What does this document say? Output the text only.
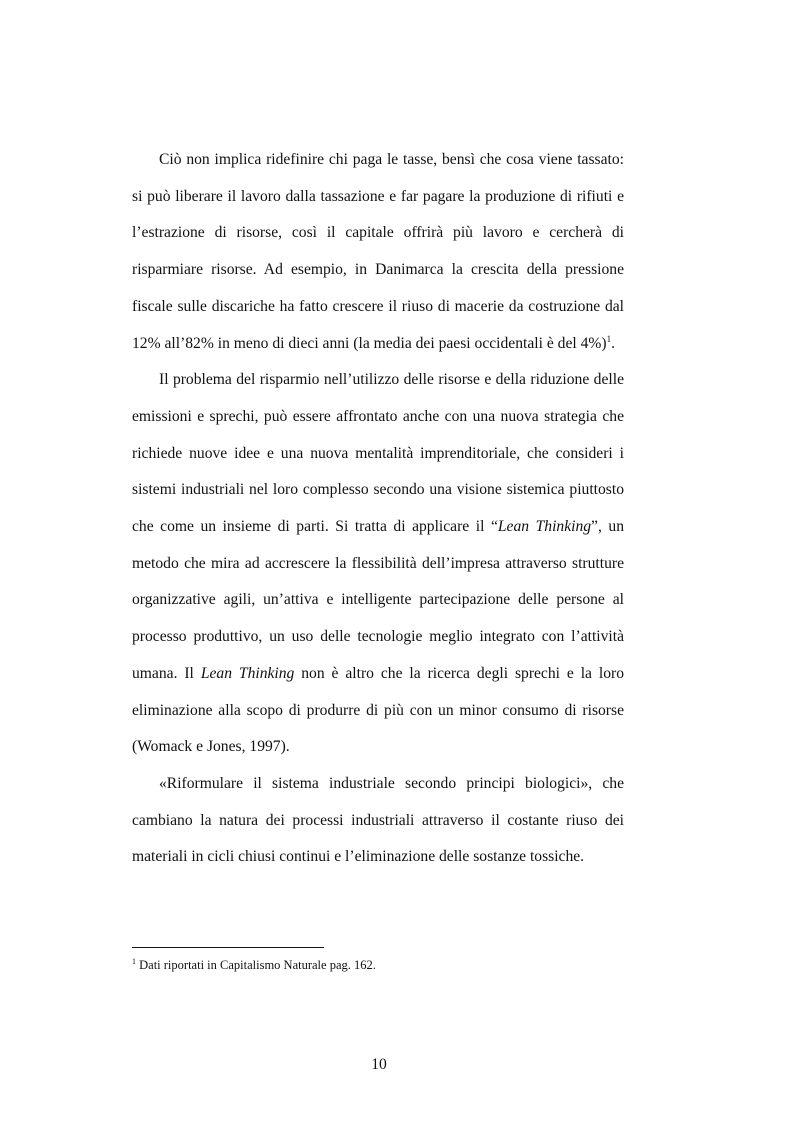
Ciò non implica ridefinire chi paga le tasse, bensì che cosa viene tassato: si può liberare il lavoro dalla tassazione e far pagare la produzione di rifiuti e l’estrazione di risorse, così il capitale offrirà più lavoro e cercherà di risparmiare risorse. Ad esempio, in Danimarca la crescita della pressione fiscale sulle discariche ha fatto crescere il riuso di macerie da costruzione dal 12% all’82% in meno di dieci anni (la media dei paesi occidentali è del 4%)$^1$.

Il problema del risparmio nell’utilizzo delle risorse e della riduzione delle emissioni e sprechi, può essere affrontato anche con una nuova strategia che richiede nuove idee e una nuova mentalità imprenditoriale, che consideri i sistemi industriali nel loro complesso secondo una visione sistemica piuttosto che come un insieme di parti. Si tratta di applicare il “Lean Thinking”, un metodo che mira ad accrescere la flessibilità dell’impresa attraverso strutture organizzative agili, un’attiva e intelligente partecipazione delle persone al processo produttivo, un uso delle tecnologie meglio integrato con l’attività umana. Il Lean Thinking non è altro che la ricerca degli sprechi e la loro eliminazione alla scopo di produrre di più con un minor consumo di risorse (Womack e Jones, 1997).

«Riformulare il sistema industriale secondo principi biologici», che cambiano la natura dei processi industriali attraverso il costante riuso dei materiali in cicli chiusi continui e l’eliminazione delle sostanze tossiche.

$^1$ Dati riportati in Capitalismo Naturale pag. 162.
10
